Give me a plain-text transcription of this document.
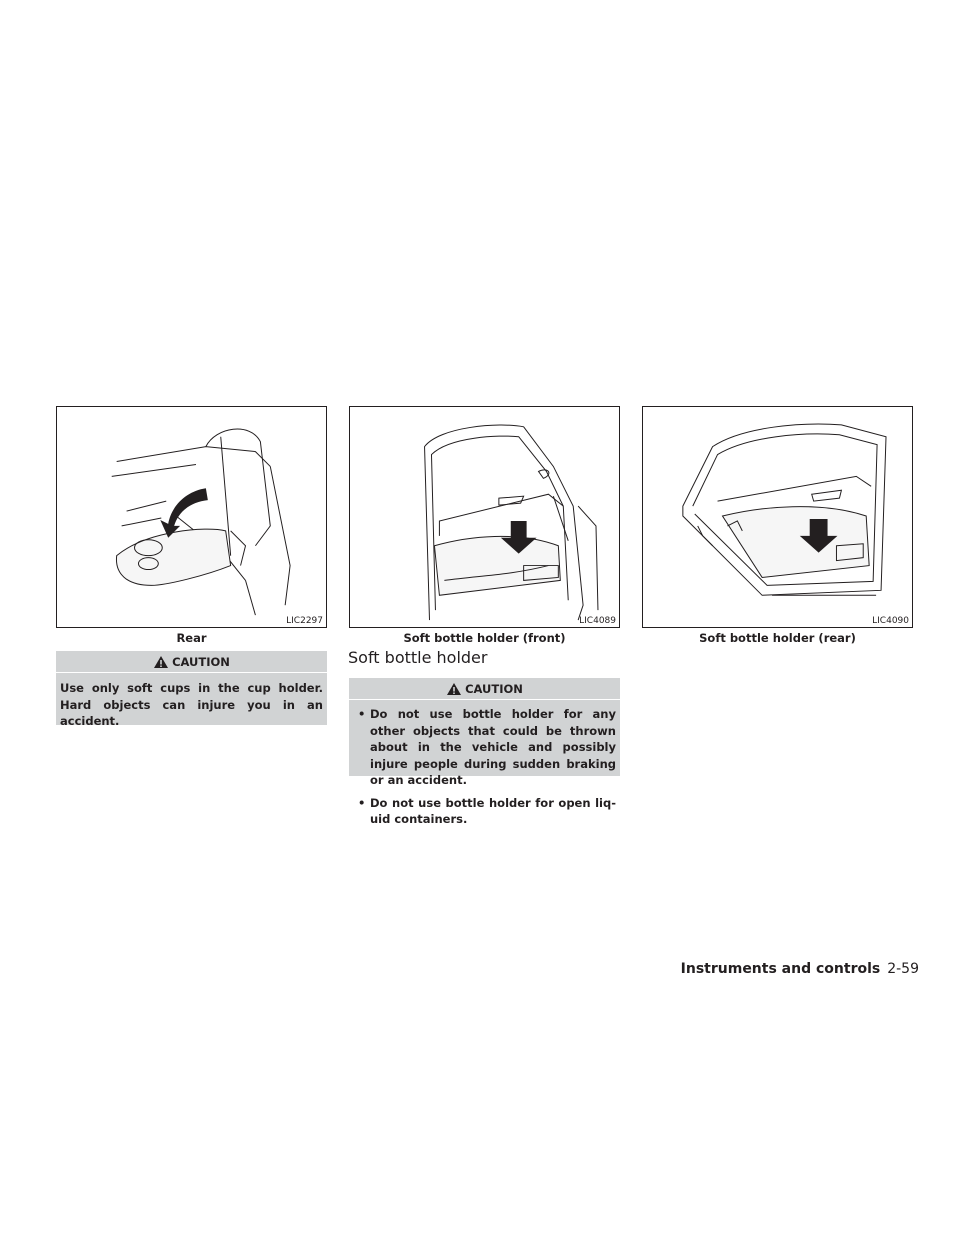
LIC2297
Rear
LIC4089
Soft bottle holder (front)
LIC4090
Soft bottle holder (rear)
CAUTION
Use only soft cups in the cup holder. Hard objects can injure you in an accident.
Soft bottle holder
CAUTION
• Do not use bottle holder for any other objects that could be thrown about in the vehicle and possibly injure people during sudden braking or an accident.
• Do not use bottle holder for open liq-uid containers.
Instruments and controls 2-59
